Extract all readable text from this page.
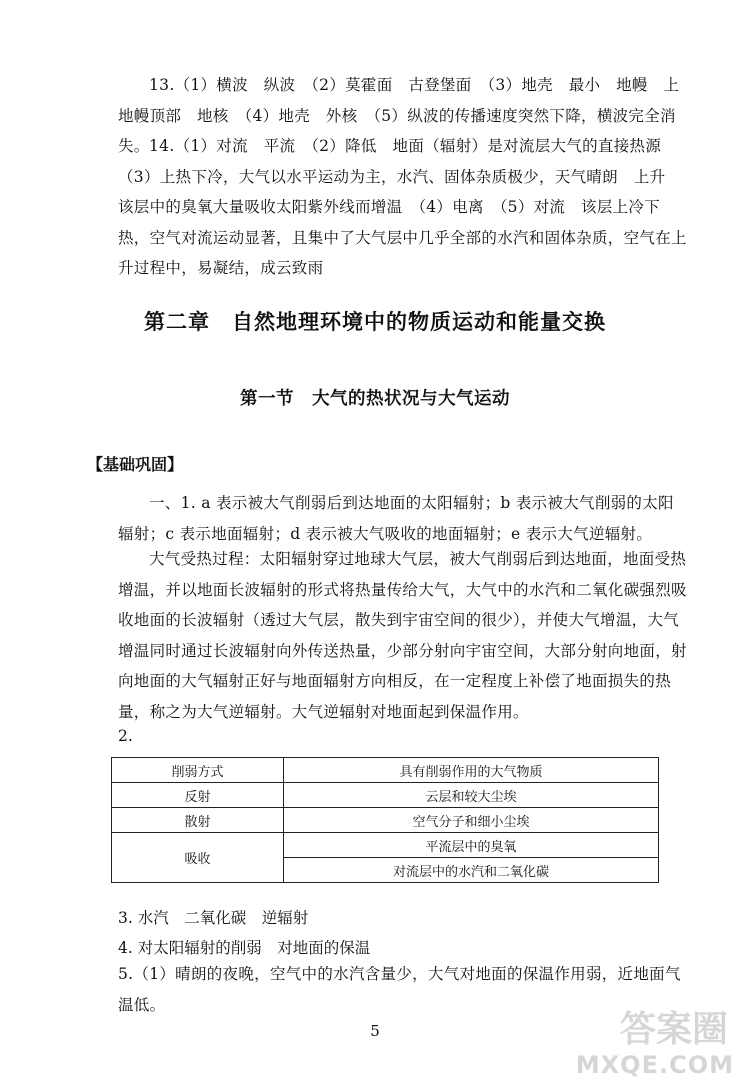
13.（1）横波　纵波　（2）莫霍面　古登堡面　（3）地壳　最小　地幔　上地幔顶部　地核　（4）地壳　外核　（5）纵波的传播速度突然下降，横波完全消失。 14.（1）对流　平流　（2）降低　地面（辐射）是对流层大气的直接热源（3）上热下冷，大气以水平运动为主，水汽、固体杂质极少，天气晴朗　上升　该层中的臭氧大量吸收太阳紫外线而增温　（4）电离　（5）对流　该层上冷下热，空气对流运动显著，且集中了大气层中几乎全部的水汽和固体杂质，空气在上升过程中，易凝结，成云致雨

第二章　自然地理环境中的物质运动和能量交换
第一节　大气的热状况与大气运动
【基础巩固】

一、1. a 表示被大气削弱后到达地面的太阳辐射；b 表示被大气削弱的太阳辐射；c 表示地面辐射；d 表示被大气吸收的地面辐射；e 表示大气逆辐射。

大气受热过程：太阳辐射穿过地球大气层，被大气削弱后到达地面，地面受热增温，并以地面长波辐射的形式将热量传给大气，大气中的水汽和二氧化碳强烈吸收地面的长波辐射（透过大气层，散失到宇宙空间的很少），并使大气增温，大气增温同时通过长波辐射向外传送热量，少部分射向宇宙空间，大部分射向地面，射向地面的大气辐射正好与地面辐射方向相反，在一定程度上补偿了地面损失的热量，称之为大气逆辐射。大气逆辐射对地面起到保温作用。

2.

削弱方式	具有削弱作用的大气物质
反射	云层和较大尘埃
散射	空气分子和细小尘埃
吸收	平流层中的臭氧
	对流层中的水汽和二氧化碳

3. 水汽　二氧化碳　逆辐射

4. 对太阳辐射的削弱　对地面的保温

5.（1）晴朗的夜晚，空气中的水汽含量少，大气对地面的保温作用弱，近地面气温低。

5	答案圈
MXQE.COM
